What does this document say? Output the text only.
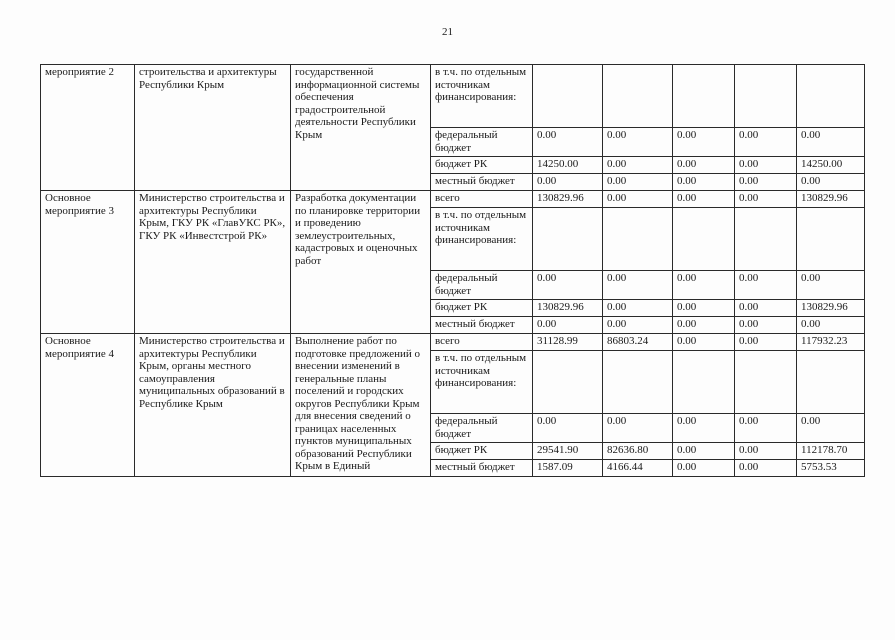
21
мероприятие 2	строительства и архитектуры Республики Крым	государственной информационной системы обеспечения градостроительной деятельности Республики Крым	в т.ч. по отдельным источникам финансирования:					
			федеральный бюджет	0.00	0.00	0.00	0.00	0.00
			бюджет РК	14250.00	0.00	0.00	0.00	14250.00
			местный бюджет	0.00	0.00	0.00	0.00	0.00
Основное мероприятие 3	Министерство строительства и архитектуры Республики Крым, ГКУ РК «ГлавУКС РК», ГКУ РК «Инвестстрой РК»	Разработка документации по планировке территории и проведению землеустроительных, кадастровых и оценочных работ	всего	130829.96	0.00	0.00	0.00	130829.96
			в т.ч. по отдельным источникам финансирования:					
			федеральный бюджет	0.00	0.00	0.00	0.00	0.00
			бюджет РК	130829.96	0.00	0.00	0.00	130829.96
			местный бюджет	0.00	0.00	0.00	0.00	0.00
Основное мероприятие 4	Министерство строительства и архитектуры Республики Крым, органы местного самоуправления муниципальных образований в Республике Крым	Выполнение работ по подготовке предложений о внесении изменений в генеральные планы поселений и городских округов Республики Крым для внесения сведений о границах населенных пунктов муниципальных образований Республики Крым в Единый	всего	31128.99	86803.24	0.00	0.00	117932.23
			в т.ч. по отдельным источникам финансирования:					
			федеральный бюджет	0.00	0.00	0.00	0.00	0.00
			бюджет РК	29541.90	82636.80	0.00	0.00	112178.70
			местный бюджет	1587.09	4166.44	0.00	0.00	5753.53
